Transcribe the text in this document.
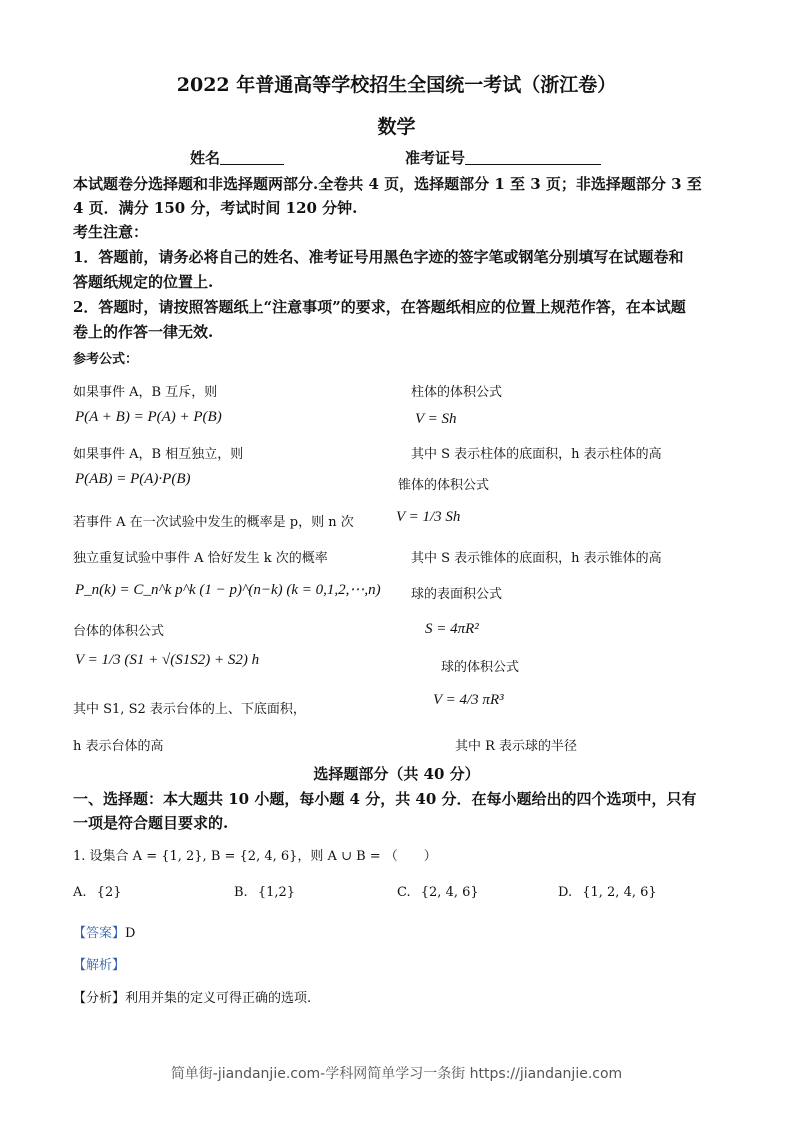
2022 年普通高等学校招生全国统一考试（浙江卷）
数学
姓名	准考证号
本试题卷分选择题和非选择题两部分.全卷共 4 页，选择题部分 1 至 3 页；非选择题部分 3 至
4 页．满分 150 分，考试时间 120 分钟.
考生注意：
1．答题前，请务必将自己的姓名、准考证号用黑色字迹的签字笔或钢笔分别填写在试题卷和
答题纸规定的位置上.
2．答题时，请按照答题纸上“注意事项”的要求，在答题纸相应的位置上规范作答，在本试题
卷上的作答一律无效.
参考公式：
如果事件 A，B 互斥，则
P(A + B) = P(A) + P(B)
如果事件 A，B 相互独立，则
P(AB) = P(A)·P(B)
若事件 A 在一次试验中发生的概率是 p，则 n 次
独立重复试验中事件 A 恰好发生 k 次的概率
P_n(k) = C_n^k p^k (1 − p)^(n−k) (k = 0,1,2,⋯,n)
台体的体积公式
V = 1/3 (S1 + √(S1S2) + S2) h
其中 S1, S2 表示台体的上、下底面积，
h 表示台体的高
柱体的体积公式
V = Sh
其中 S 表示柱体的底面积，h 表示柱体的高
锥体的体积公式
V = 1/3 Sh
其中 S 表示锥体的底面积，h 表示锥体的高
球的表面积公式
S = 4πR²
球的体积公式
V = 4/3 πR³
其中 R 表示球的半径
选择题部分（共 40 分）
一、选择题：本大题共 10 小题，每小题 4 分，共 40 分．在每小题给出的四个选项中，只有
一项是符合题目要求的.
1. 设集合 A = {1, 2}, B = {2, 4, 6}，则 A ∪ B = （　　）
A. {2}	B. {1,2}	C. {2, 4, 6}	D. {1, 2, 4, 6}
【答案】D
【解析】
【分析】利用并集的定义可得正确的选项.
简单街-jiandanjie.com-学科网简单学习一条街 https://jiandanjie.com
